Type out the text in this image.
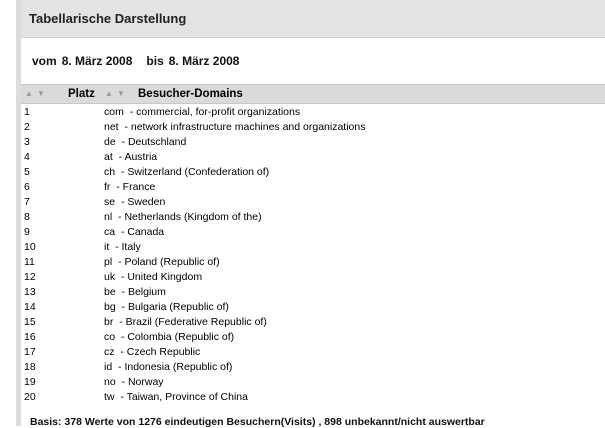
Tabellarische Darstellung
vom 8. März 2008 bis 8. März 2008
▲ ▼ Platz	▲ ▼ Besucher-Domains

1	com - commercial, for-profit organizations
2	net - network infrastructure machines and organizations
3	de - Deutschland
4	at - Austria
5	ch - Switzerland (Confederation of)
6	fr - France
7	se - Sweden
8	nl - Netherlands (Kingdom of the)
9	ca - Canada
10	it - Italy
11	pl - Poland (Republic of)
12	uk - United Kingdom
13	be - Belgium
14	bg - Bulgaria (Republic of)
15	br - Brazil (Federative Republic of)
16	co - Colombia (Republic of)
17	cz - Czech Republic
18	id - Indonesia (Republic of)
19	no - Norway
20	tw - Taiwan, Province of China
Basis: 378 Werte von 1276 eindeutigen Besuchern(Visits) , 898 unbekannt/nicht auswertbar
